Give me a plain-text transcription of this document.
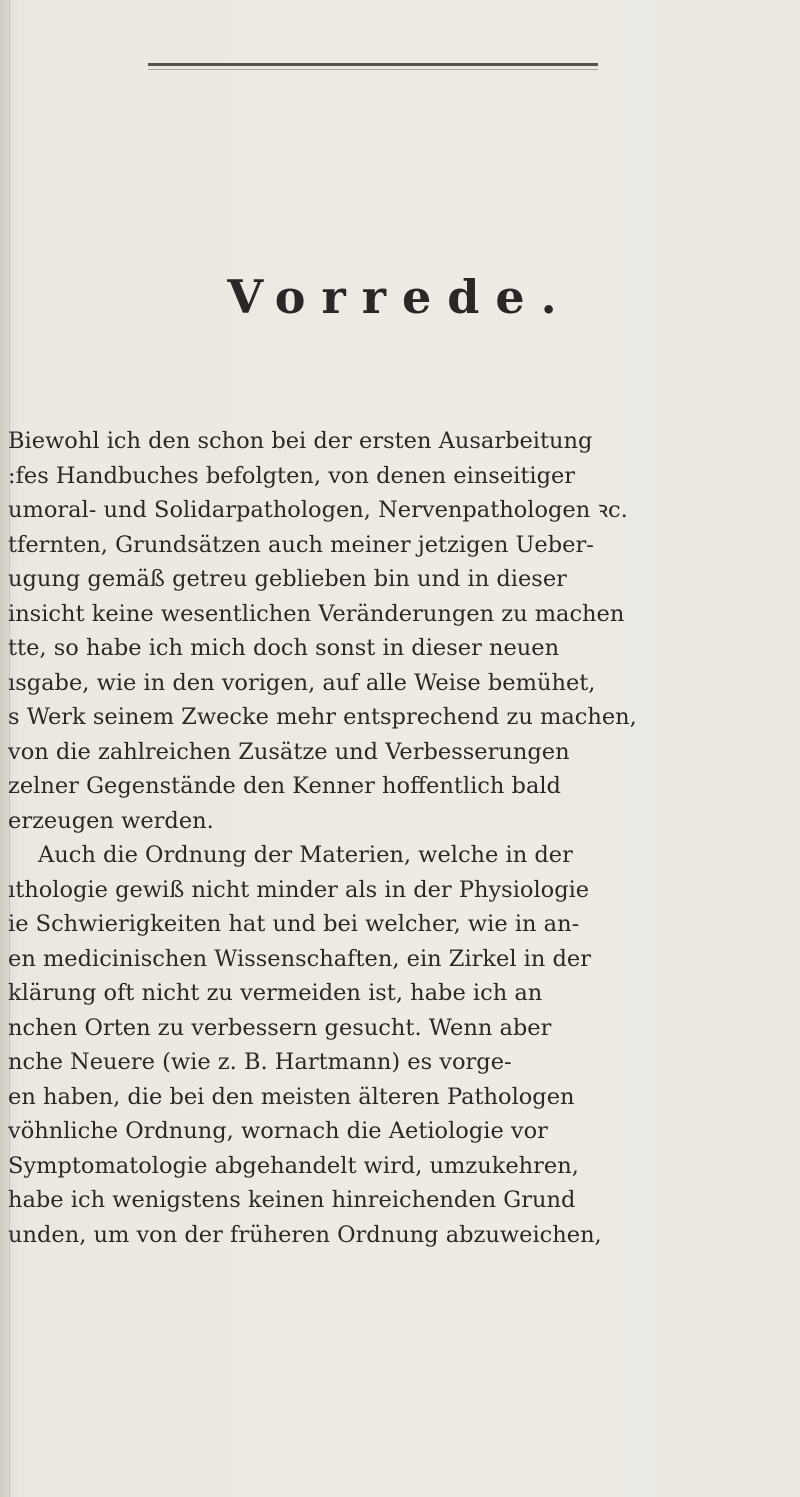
Vorrede.
Biewohl ich den schon bei der ersten Ausarbeitung
:fes Handbuches befolgten, von denen einseitiger
umoral- und Solidarpathologen, Nervenpathologen ꝛc.
tfernten, Grundsätzen auch meiner jetzigen Ueber-
ugung gemäß getreu geblieben bin und in dieser
insicht keine wesentlichen Veränderungen zu machen
tte, so habe ich mich doch sonst in dieser neuen
ısgabe, wie in den vorigen, auf alle Weise bemühet,
s Werk seinem Zwecke mehr entsprechend zu machen,
von die zahlreichen Zusätze und Verbesserungen
zelner Gegenstände den Kenner hoffentlich bald
erzeugen werden.
Auch die Ordnung der Materien, welche in der
ıthologie gewiß nicht minder als in der Physiologie
ie Schwierigkeiten hat und bei welcher, wie in an-
en medicinischen Wissenschaften, ein Zirkel in der
klärung oft nicht zu vermeiden ist, habe ich an
nchen Orten zu verbessern gesucht. Wenn aber
nche Neuere (wie z. B. Hartmann) es vorge-
en haben, die bei den meisten älteren Pathologen
vöhnliche Ordnung, wornach die Aetiologie vor
Symptomatologie abgehandelt wird, umzukehren,
habe ich wenigstens keinen hinreichenden Grund
unden, um von der früheren Ordnung abzuweichen,
